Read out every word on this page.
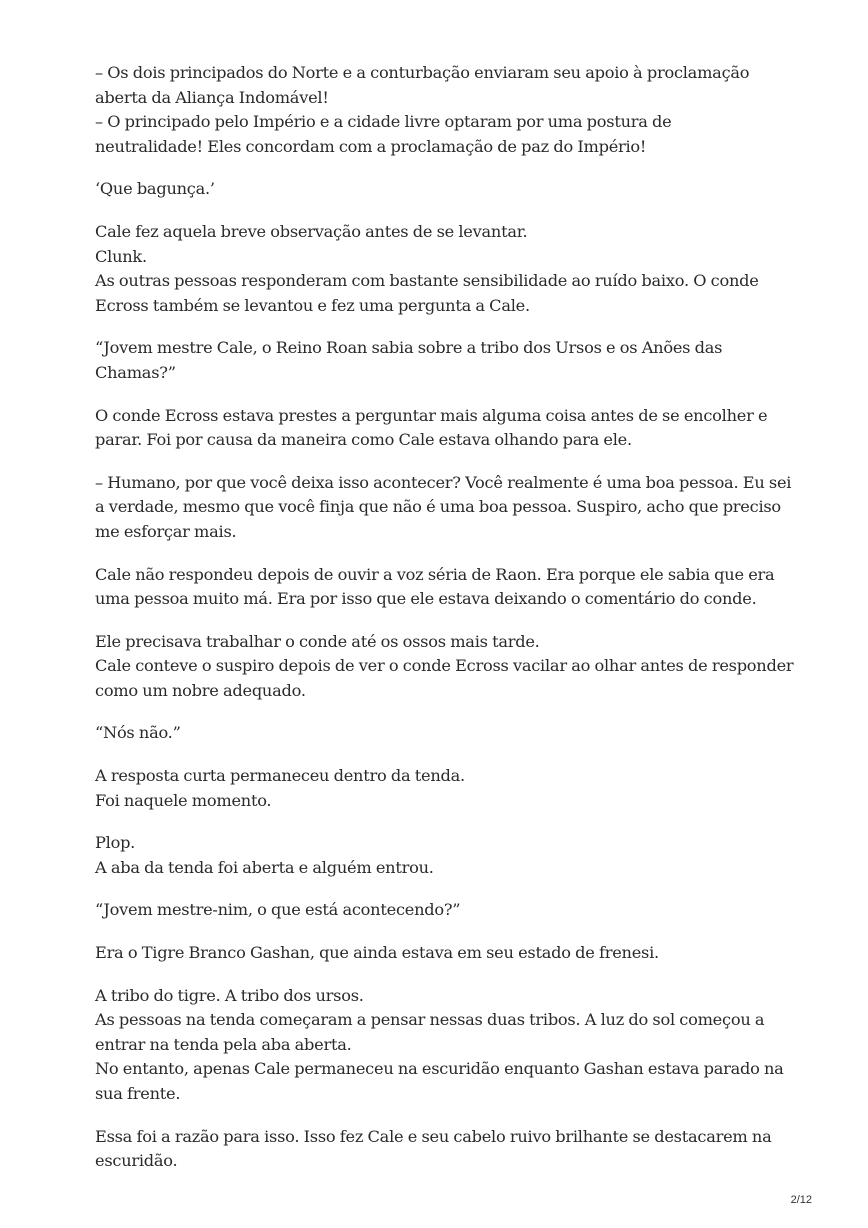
– Os dois principados do Norte e a conturbação enviaram seu apoio à proclamação
aberta da Aliança Indomável!
– O principado pelo Império e a cidade livre optaram por uma postura de
neutralidade! Eles concordam com a proclamação de paz do Império!

‘Que bagunça.’

Cale fez aquela breve observação antes de se levantar.
Clunk.
As outras pessoas responderam com bastante sensibilidade ao ruído baixo. O conde
Ecross também se levantou e fez uma pergunta a Cale.

“Jovem mestre Cale, o Reino Roan sabia sobre a tribo dos Ursos e os Anões das
Chamas?”

O conde Ecross estava prestes a perguntar mais alguma coisa antes de se encolher e
parar. Foi por causa da maneira como Cale estava olhando para ele.

– Humano, por que você deixa isso acontecer? Você realmente é uma boa pessoa. Eu sei
a verdade, mesmo que você finja que não é uma boa pessoa. Suspiro, acho que preciso
me esforçar mais.

Cale não respondeu depois de ouvir a voz séria de Raon. Era porque ele sabia que era
uma pessoa muito má. Era por isso que ele estava deixando o comentário do conde.

Ele precisava trabalhar o conde até os ossos mais tarde.
Cale conteve o suspiro depois de ver o conde Ecross vacilar ao olhar antes de responder
como um nobre adequado.

“Nós não.”

A resposta curta permaneceu dentro da tenda.
Foi naquele momento.

Plop.
A aba da tenda foi aberta e alguém entrou.

“Jovem mestre-nim, o que está acontecendo?”

Era o Tigre Branco Gashan, que ainda estava em seu estado de frenesi.

A tribo do tigre. A tribo dos ursos.
As pessoas na tenda começaram a pensar nessas duas tribos. A luz do sol começou a
entrar na tenda pela aba aberta.
No entanto, apenas Cale permaneceu na escuridão enquanto Gashan estava parado na
sua frente.

Essa foi a razão para isso. Isso fez Cale e seu cabelo ruivo brilhante se destacarem na
escuridão.

2/12
